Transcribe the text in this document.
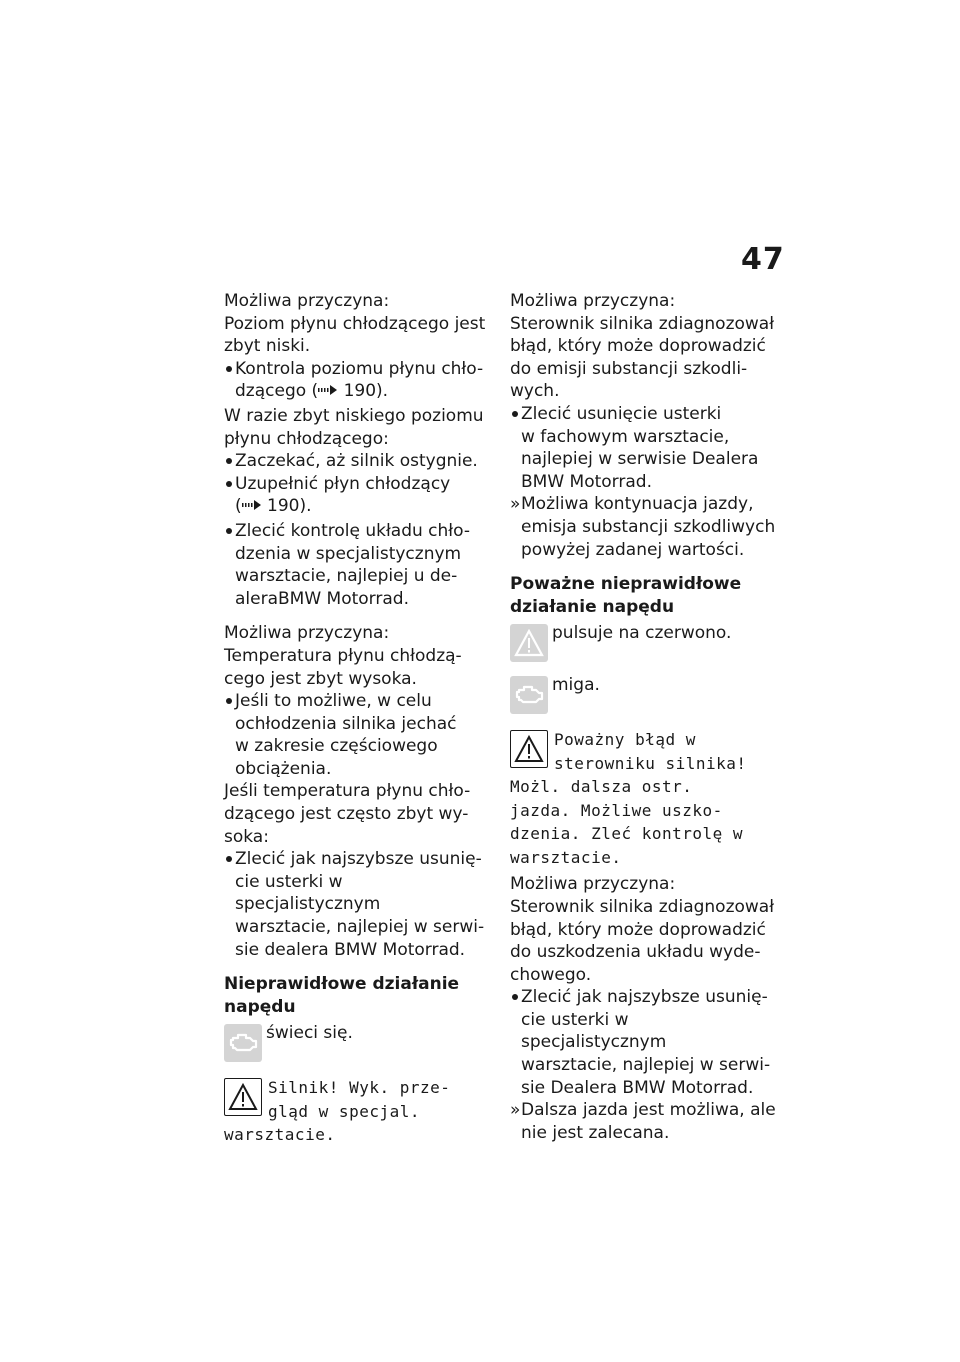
47

Możliwa przyczyna:

Poziom płynu chłodzącego jest
zbyt niski.

Kontrola poziomu płynu chło-
dzącego ( 190).

W razie zbyt niskiego poziomu
płynu chłodzącego:

Zaczekać, aż silnik ostygnie.
Uzupełnić płyn chłodzący
( 190).
Zlecić kontrolę układu chło-
dzenia w specjalistycznym
warsztacie, najlepiej u de-
aleraBMW Motorrad.

Możliwa przyczyna:

Temperatura płynu chłodzą-
cego jest zbyt wysoka.

Jeśli to możliwe, w celu
ochłodzenia silnika jechać
w zakresie częściowego
obciążenia.

Jeśli temperatura płynu chło-
dzącego jest często zbyt wy-
soka:

Zlecić jak najszybsze usunię-
cie usterki w specjalistycznym
warsztacie, najlepiej w serwi-
sie dealera BMW Motorrad.

Nieprawidłowe działanie
napędu

świeci się.
Silnik! Wyk. prze-
gląd w specjal.
warsztacie.

Możliwa przyczyna:

Sterownik silnika zdiagnozował
błąd, który może doprowadzić
do emisji substancji szkodli-
wych.

Zlecić usunięcie usterki
w fachowym warsztacie,
najlepiej w serwisie Dealera
BMW Motorrad.
» Możliwa kontynuacja jazdy,
emisja substancji szkodliwych
powyżej zadanej wartości.

Poważne nieprawidłowe
działanie napędu

pulsuje na czerwono.
miga.
Poważny błąd w
sterowniku silnika!
Możl. dalsza ostr.
jazda. Możliwe uszko-
dzenia. Zleć kontrolę w
warsztacie.

Możliwa przyczyna:

Sterownik silnika zdiagnozował
błąd, który może doprowadzić
do uszkodzenia układu wyde-
chowego.

Zlecić jak najszybsze usunię-
cie usterki w specjalistycznym
warsztacie, najlepiej w serwi-
sie Dealera BMW Motorrad.
» Dalsza jazda jest możliwa, ale
nie jest zalecana.
